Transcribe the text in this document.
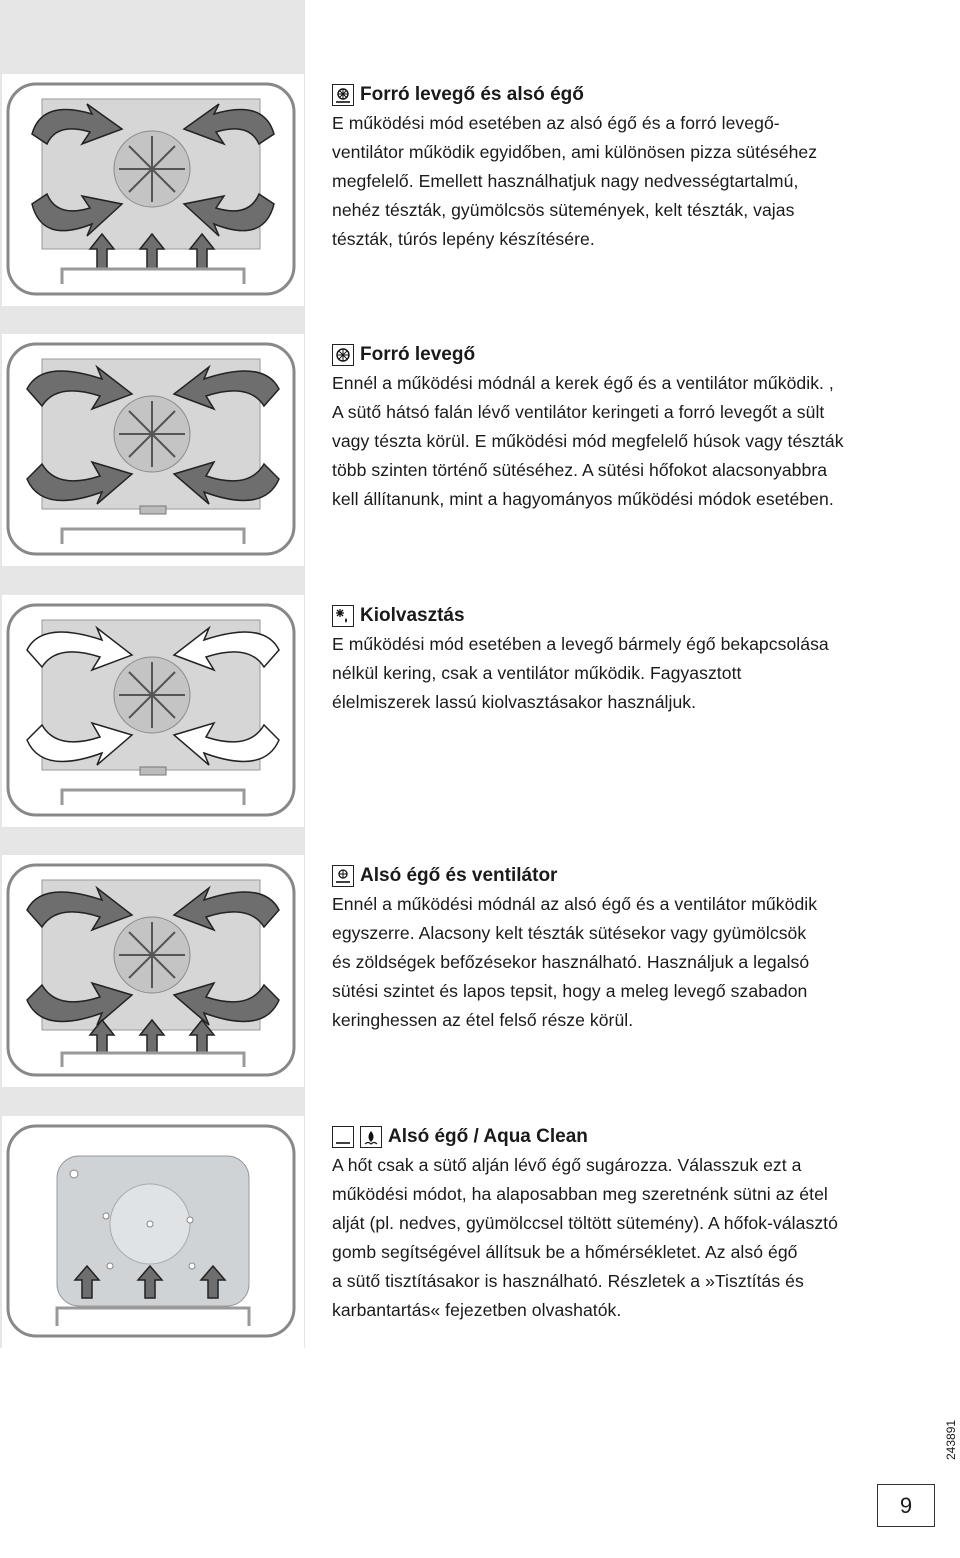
Forró levegő és alsó égő
E működési mód esetében az alsó égő és a forró levegő-
ventilátor működik egyidőben, ami különösen pizza sütéséhez
megfelelő. Emellett használhatjuk nagy nedvességtartalmú,
nehéz tészták, gyümölcsös sütemények, kelt tészták, vajas
tészták, túrós lepény készítésére.
Forró levegő
Ennél a működési módnál a kerek égő és a ventilátor működik. ,
A sütő hátsó falán lévő ventilátor keringeti a forró levegőt a sült
vagy tészta körül. E működési mód megfelelő húsok vagy tészták
több szinten történő sütéséhez. A sütési hőfokot alacsonyabbra
kell állítanunk, mint a hagyományos működési módok esetében.
Kiolvasztás
E működési mód esetében a levegő bármely égő bekapcsolása
nélkül kering, csak a ventilátor működik. Fagyasztott
élelmiszerek lassú kiolvasztásakor használjuk.
Alsó égő és ventilátor
Ennél a működési módnál az alsó égő és a ventilátor működik
egyszerre. Alacsony kelt tészták sütésekor vagy gyümölcsök
és zöldségek befőzésekor használható. Használjuk a legalsó
sütési szintet és lapos tepsit, hogy a meleg levegő szabadon
keringhessen az étel felső része körül.
Alsó égő / Aqua Clean
A hőt csak a sütő alján lévő égő sugározza. Válasszuk ezt a
működési módot, ha alaposabban meg szeretnénk sütni az étel
alját (pl. nedves, gyümölccsel töltött sütemény). A hőfok-választó
gomb segítségével állítsuk be a hőmérsékletet. Az alsó égő
a sütő tisztításakor is használható. Részletek a »Tisztítás és
karbantartás« fejezetben olvashatók.
243891
9
